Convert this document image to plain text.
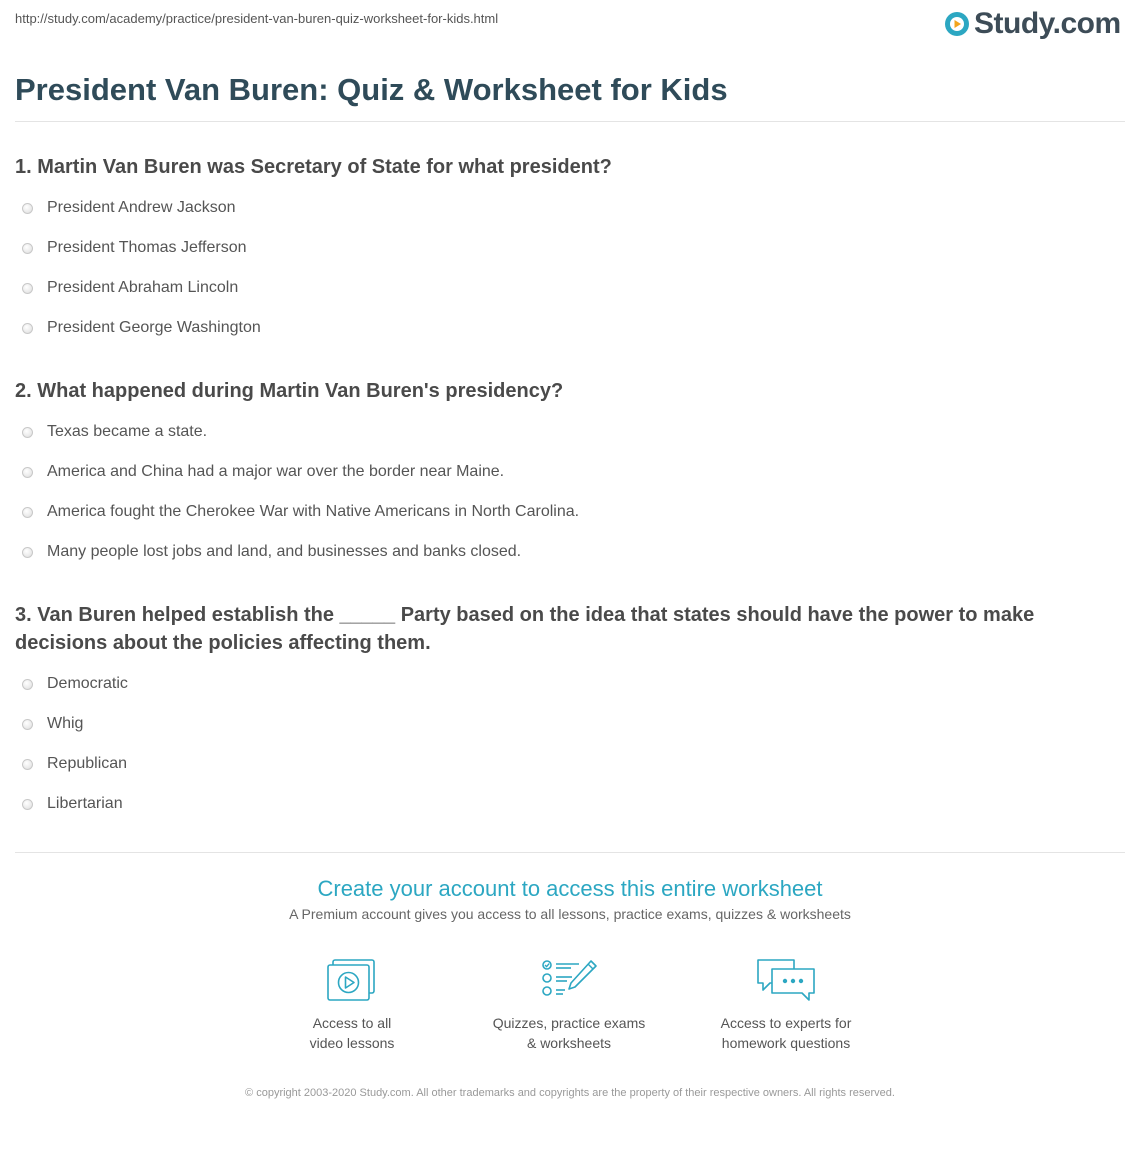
http://study.com/academy/practice/president-van-buren-quiz-worksheet-for-kids.html	Study.com
President Van Buren: Quiz & Worksheet for Kids

1. Martin Van Buren was Secretary of State for what president?

President Andrew Jackson
President Thomas Jefferson
President Abraham Lincoln
President George Washington

2. What happened during Martin Van Buren's presidency?

Texas became a state.
America and China had a major war over the border near Maine.
America fought the Cherokee War with Native Americans in North Carolina.
Many people lost jobs and land, and businesses and banks closed.

3. Van Buren helped establish the _____ Party based on the idea that states should have the power to make decisions about the policies affecting them.

Democratic
Whig
Republican
Libertarian
Create your account to access this entire worksheet
A Premium account gives you access to all lessons, practice exams, quizzes & worksheets
Access to all
video lessons
Quizzes, practice exams
& worksheets
Access to experts for
homework questions
© copyright 2003-2020 Study.com. All other trademarks and copyrights are the property of their respective owners. All rights reserved.
